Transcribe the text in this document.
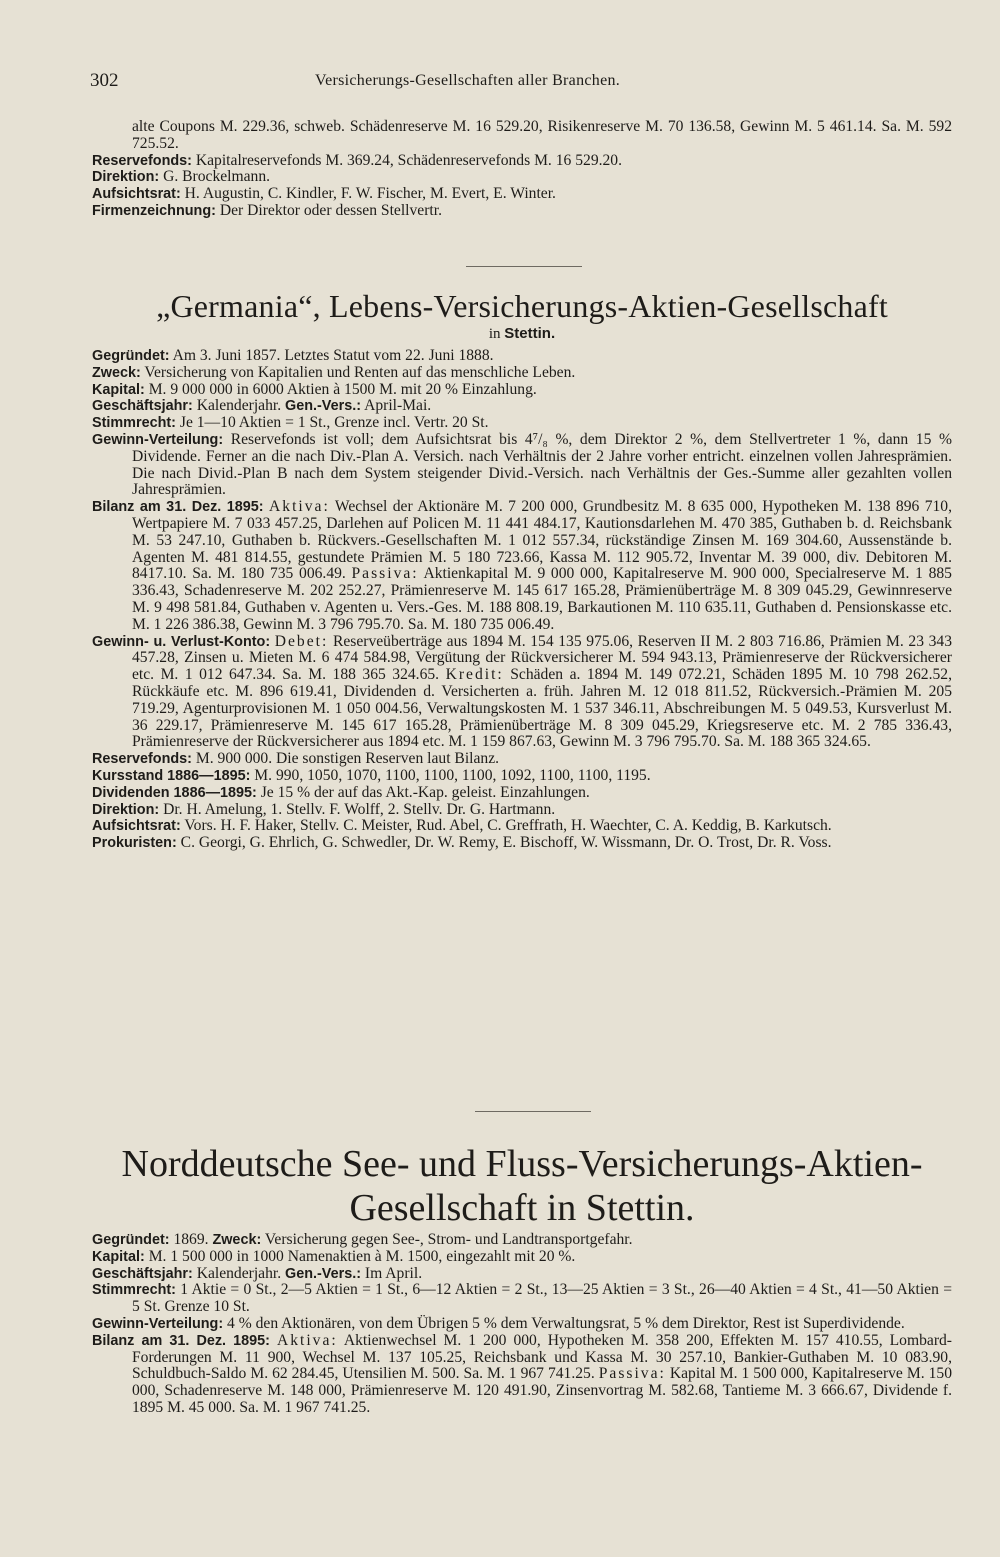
302	Versicherungs-Gesellschaften aller Branchen.

alte Coupons M. 229.36, schweb. Schädenreserve M. 16 529.20, Risikenreserve M. 70 136.58, Gewinn M. 5 461.14. Sa. M. 592 725.52.

Reservefonds: Kapitalreservefonds M. 369.24, Schädenreservefonds M. 16 529.20.

Direktion: G. Brockelmann.

Aufsichtsrat: H. Augustin, C. Kindler, F. W. Fischer, M. Evert, E. Winter.

Firmenzeichnung: Der Direktor oder dessen Stellvertr.

„Germania“, Lebens-Versicherungs-Aktien-Gesellschaft
in Stettin.

Gegründet: Am 3. Juni 1857. Letztes Statut vom 22. Juni 1888.

Zweck: Versicherung von Kapitalien und Renten auf das menschliche Leben.

Kapital: M. 9 000 000 in 6000 Aktien à 1500 M. mit 20 % Einzahlung.

Geschäftsjahr: Kalenderjahr. Gen.-Vers.: April-Mai.

Stimmrecht: Je 1—10 Aktien = 1 St., Grenze incl. Vertr. 20 St.

Gewinn-Verteilung: Reservefonds ist voll; dem Aufsichtsrat bis 4⁷/₈ %, dem Direktor 2 %, dem Stellvertreter 1 %, dann 15 % Dividende. Ferner an die nach Div.-Plan A. Versich. nach Verhältnis der 2 Jahre vorher entricht. einzelnen vollen Jahresprämien. Die nach Divid.-Plan B nach dem System steigender Divid.-Versich. nach Verhältnis der Ges.-Summe aller gezahlten vollen Jahresprämien.

Bilanz am 31. Dez. 1895: Aktiva: Wechsel der Aktionäre M. 7 200 000, Grundbesitz M. 8 635 000, Hypotheken M. 138 896 710, Wertpapiere M. 7 033 457.25, Darlehen auf Policen M. 11 441 484.17, Kautionsdarlehen M. 470 385, Guthaben b. d. Reichsbank M. 53 247.10, Guthaben b. Rückvers.-Gesellschaften M. 1 012 557.34, rückständige Zinsen M. 169 304.60, Aussenstände b. Agenten M. 481 814.55, gestundete Prämien M. 5 180 723.66, Kassa M. 112 905.72, Inventar M. 39 000, div. Debitoren M. 8417.10. Sa. M. 180 735 006.49. Passiva: Aktienkapital M. 9 000 000, Kapitalreserve M. 900 000, Specialreserve M. 1 885 336.43, Schadenreserve M. 202 252.27, Prämienreserve M. 145 617 165.28, Prämienüberträge M. 8 309 045.29, Gewinnreserve M. 9 498 581.84, Guthaben v. Agenten u. Vers.-Ges. M. 188 808.19, Barkautionen M. 110 635.11, Guthaben d. Pensionskasse etc. M. 1 226 386.38, Gewinn M. 3 796 795.70. Sa. M. 180 735 006.49.

Gewinn- u. Verlust-Konto: Debet: Reserveüberträge aus 1894 M. 154 135 975.06, Reserven II M. 2 803 716.86, Prämien M. 23 343 457.28, Zinsen u. Mieten M. 6 474 584.98, Vergütung der Rückversicherer M. 594 943.13, Prämienreserve der Rückversicherer etc. M. 1 012 647.34. Sa. M. 188 365 324.65. Kredit: Schäden a. 1894 M. 149 072.21, Schäden 1895 M. 10 798 262.52, Rückkäufe etc. M. 896 619.41, Dividenden d. Versicherten a. früh. Jahren M. 12 018 811.52, Rückversich.-Prämien M. 205 719.29, Agenturprovisionen M. 1 050 004.56, Verwaltungskosten M. 1 537 346.11, Abschreibungen M. 5 049.53, Kursverlust M. 36 229.17, Prämienreserve M. 145 617 165.28, Prämienüberträge M. 8 309 045.29, Kriegsreserve etc. M. 2 785 336.43, Prämienreserve der Rückversicherer aus 1894 etc. M. 1 159 867.63, Gewinn M. 3 796 795.70. Sa. M. 188 365 324.65.

Reservefonds: M. 900 000. Die sonstigen Reserven laut Bilanz.

Kursstand 1886—1895: M. 990, 1050, 1070, 1100, 1100, 1100, 1092, 1100, 1100, 1195.

Dividenden 1886—1895: Je 15 % der auf das Akt.-Kap. geleist. Einzahlungen.

Direktion: Dr. H. Amelung, 1. Stellv. F. Wolff, 2. Stellv. Dr. G. Hartmann.

Aufsichtsrat: Vors. H. F. Haker, Stellv. C. Meister, Rud. Abel, C. Greffrath, H. Waechter, C. A. Keddig, B. Karkutsch.

Prokuristen: C. Georgi, G. Ehrlich, G. Schwedler, Dr. W. Remy, E. Bischoff, W. Wissmann, Dr. O. Trost, Dr. R. Voss.

Norddeutsche See- und Fluss-Versicherungs-Aktien-
Gesellschaft in Stettin.

Gegründet: 1869. Zweck: Versicherung gegen See-, Strom- und Landtransportgefahr.

Kapital: M. 1 500 000 in 1000 Namenaktien à M. 1500, eingezahlt mit 20 %.

Geschäftsjahr: Kalenderjahr. Gen.-Vers.: Im April.

Stimmrecht: 1 Aktie = 0 St., 2—5 Aktien = 1 St., 6—12 Aktien = 2 St., 13—25 Aktien = 3 St., 26—40 Aktien = 4 St., 41—50 Aktien = 5 St. Grenze 10 St.

Gewinn-Verteilung: 4 % den Aktionären, von dem Übrigen 5 % dem Verwaltungsrat, 5 % dem Direktor, Rest ist Superdividende.

Bilanz am 31. Dez. 1895: Aktiva: Aktienwechsel M. 1 200 000, Hypotheken M. 358 200, Effekten M. 157 410.55, Lombard-Forderungen M. 11 900, Wechsel M. 137 105.25, Reichsbank und Kassa M. 30 257.10, Bankier-Guthaben M. 10 083.90, Schuldbuch-Saldo M. 62 284.45, Utensilien M. 500. Sa. M. 1 967 741.25. Passiva: Kapital M. 1 500 000, Kapitalreserve M. 150 000, Schadenreserve M. 148 000, Prämienreserve M. 120 491.90, Zinsenvortrag M. 582.68, Tantieme M. 3 666.67, Dividende f. 1895 M. 45 000. Sa. M. 1 967 741.25.
